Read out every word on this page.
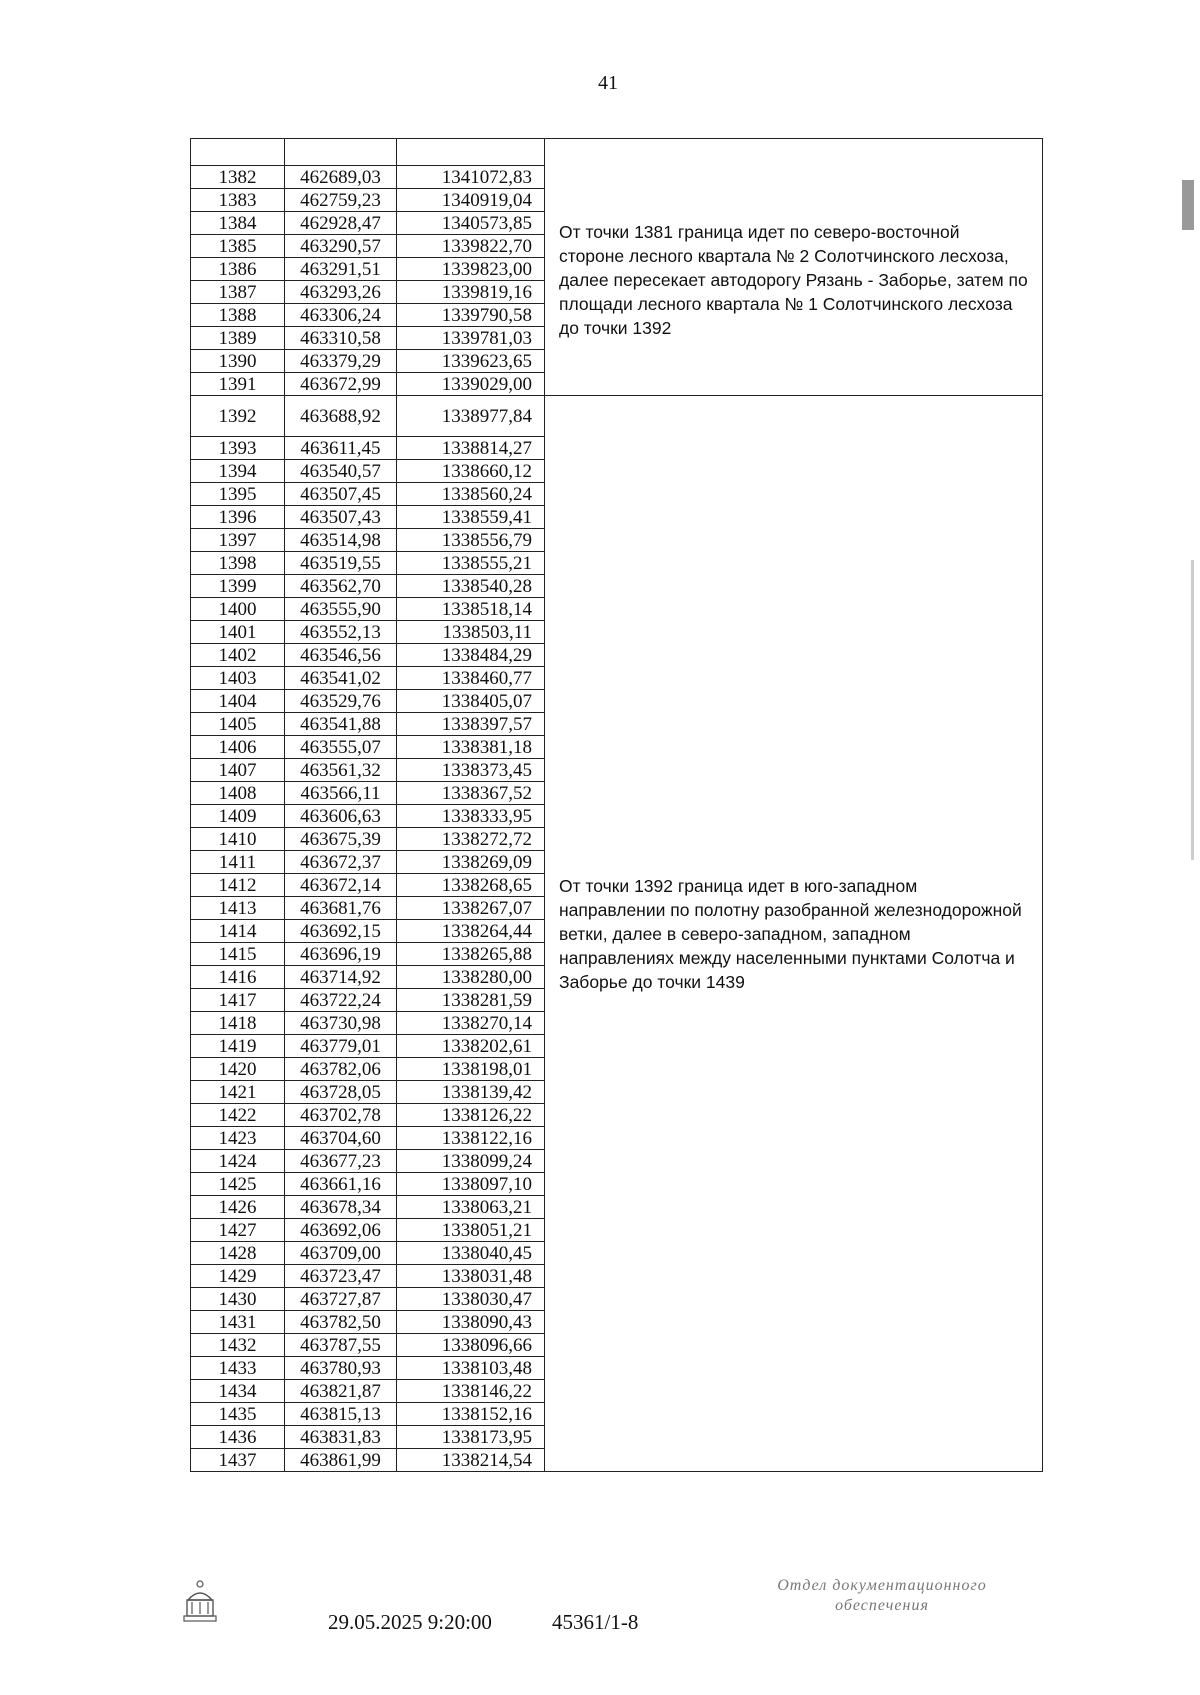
41

1382	462689,03	1341072,83	От точки 1381 граница идет по северо-восточной стороне лесного квартала № 2 Солотчинского лесхоза, далее пересекает автодорогу Рязань - Заборье, затем по площади лесного квартала № 1 Солотчинского лесхоза до точки 1392
1383	462759,23	1340919,04	
1384	462928,47	1340573,85	
1385	463290,57	1339822,70	
1386	463291,51	1339823,00	
1387	463293,26	1339819,16	
1388	463306,24	1339790,58	
1389	463310,58	1339781,03	
1390	463379,29	1339623,65	
1391	463672,99	1339029,00	
1392	463688,92	1338977,84	От точки 1392 граница идет в юго-западном направлении по полотну разобранной железнодорожной ветки, далее в северо-западном, западном направлениях между населенными пунктами Солотча и Заборье до точки 1439
1393	463611,45	1338814,27	
1394	463540,57	1338660,12	
1395	463507,45	1338560,24	
1396	463507,43	1338559,41	
1397	463514,98	1338556,79	
1398	463519,55	1338555,21	
1399	463562,70	1338540,28	
1400	463555,90	1338518,14	
1401	463552,13	1338503,11	
1402	463546,56	1338484,29	
1403	463541,02	1338460,77	
1404	463529,76	1338405,07	
1405	463541,88	1338397,57	
1406	463555,07	1338381,18	
1407	463561,32	1338373,45	
1408	463566,11	1338367,52	
1409	463606,63	1338333,95	
1410	463675,39	1338272,72	
1411	463672,37	1338269,09	
1412	463672,14	1338268,65	
1413	463681,76	1338267,07	
1414	463692,15	1338264,44	
1415	463696,19	1338265,88	
1416	463714,92	1338280,00	
1417	463722,24	1338281,59	
1418	463730,98	1338270,14	
1419	463779,01	1338202,61	
1420	463782,06	1338198,01	
1421	463728,05	1338139,42	
1422	463702,78	1338126,22	
1423	463704,60	1338122,16	
1424	463677,23	1338099,24	
1425	463661,16	1338097,10	
1426	463678,34	1338063,21	
1427	463692,06	1338051,21	
1428	463709,00	1338040,45	
1429	463723,47	1338031,48	
1430	463727,87	1338030,47	
1431	463782,50	1338090,43	
1432	463787,55	1338096,66	
1433	463780,93	1338103,48	
1434	463821,87	1338146,22	
1435	463815,13	1338152,16	
1436	463831,83	1338173,95	
1437	463861,99	1338214,54	
29.05.2025 9:20:00	45361/1-8
Отдел документационного
обеспечения
